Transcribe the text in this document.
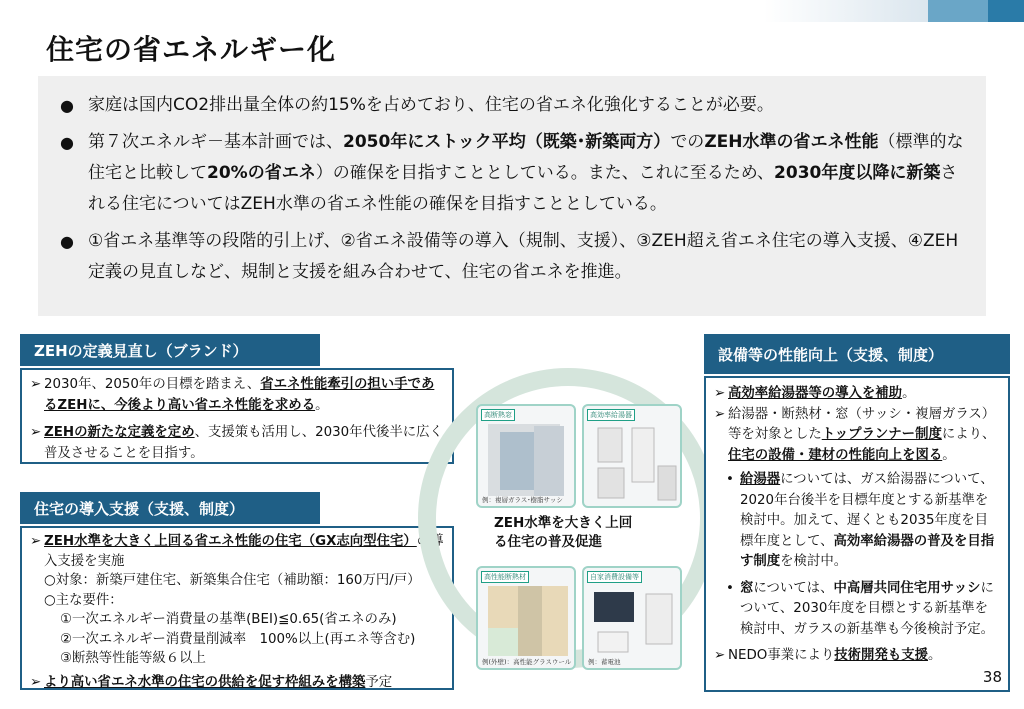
住宅の省エネルギー化
● 家庭は国内CO2排出量全体の約15%を占めており、住宅の省エネ化強化することが必要。
● 第７次エネルギ－基本計画では、2050年にストック平均（既築･新築両方）でのZEH水準の省エネ性能（標準的な住宅と比較して20%の省エネ）の確保を目指すこととしている。また、これに至るため、2030年度以降に新築される住宅についてはZEH水準の省エネ性能の確保を目指すこととしている。
● ①省エネ基準等の段階的引上げ、②省エネ設備等の導入（規制、支援）、③ZEH超え省エネ住宅の導入支援、④ZEH定義の見直しなど、規制と支援を組み合わせて、住宅の省エネを推進。
ZEHの定義見直し（ブランド）
➢ 2030年、2050年の目標を踏まえ、省エネ性能牽引の担い手であるZEHに、今後より高い省エネ性能を求める。
➢ ZEHの新たな定義を定め、支援策も活用し、2030年代後半に広く普及させることを目指す。
住宅の導入支援（支援、制度）
➢ ZEH水準を大きく上回る省エネ性能の住宅（GX志向型住宅）の導入支援を実施
○対象：新築戸建住宅、新築集合住宅（補助額：160万円/戸）
○主な要件：
①一次エネルギー消費量の基準(BEI)≦0.65(省エネのみ)
②一次エネルギー消費量削減率　100%以上(再エネ等含む)
③断熱等性能等級６以上
➢ より高い省エネ水準の住宅の供給を促す枠組みを構築予定
高断熱窓
例：複層ガラス･樹脂サッシ
高効率給湯器
高性能断熱材
例(外壁)：高性能グラスウール
自家消費設備等
例：蓄電池
ZEH水準を大きく上回る住宅の普及促進
設備等の性能向上（支援、制度）
➢ 高効率給湯器等の導入を補助。
➢ 給湯器・断熱材・窓（サッシ・複層ガラス）等を対象としたトップランナー制度により、住宅の設備・建材の性能向上を図る。
• 給湯器については、ガス給湯器について、2020年台後半を目標年度とする新基準を検討中。加えて、遅くとも2035年度を目標年度として、高効率給湯器の普及を目指す制度を検討中。
• 窓については、中高層共同住宅用サッシについて、2030年度を目標とする新基準を検討中、ガラスの新基準も今後検討予定。
➢ NEDO事業により技術開発も支援。
38
